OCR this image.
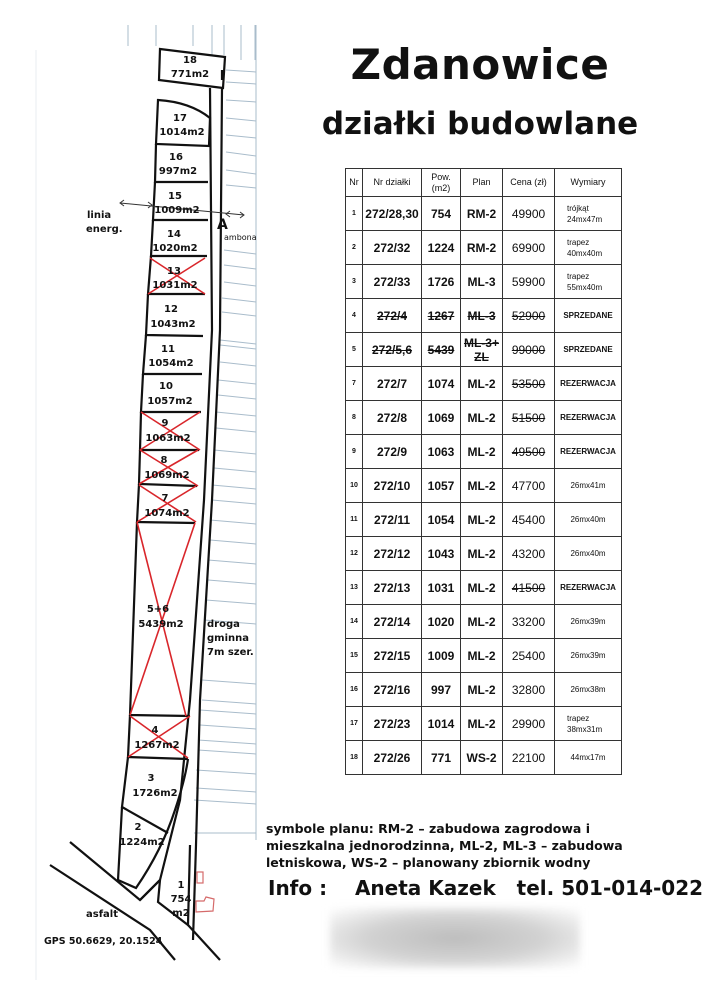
18
771m2
17
1014m2
16
997m2
15
1009m2
14
1020m2
13
1031m2
12
1043m2
11
1054m2
10
1057m2
9
1063m2
8
1069m2
7
1074m2
5+6
5439m2
4
1267m2
3
1726m2
2
1224m2
1
754
m2
linia
energ.	A
ambona
droga
gminna
7m szer.
asfalt
GPS 50.6629, 20.1524
Zdanowice
działki budowlane
Nr	Nr działki	Pow. (m2)	Plan	Cena (zł)	Wymiary
1	272/28,30	754	RM-2	49900	trójkąt
24mx47m
2	272/32	1224	RM-2	69900	trapez
40mx40m
3	272/33	1726	ML-3	59900	trapez
55mx40m
4	272/4	1267	ML-3	52900	SPRZEDANE
5	272/5,6	5439	ML-3+ ZL	99000	SPRZEDANE
7	272/7	1074	ML-2	53500	REZERWACJA
8	272/8	1069	ML-2	51500	REZERWACJA
9	272/9	1063	ML-2	49500	REZERWACJA
10	272/10	1057	ML-2	47700	26mx41m
11	272/11	1054	ML-2	45400	26mx40m
12	272/12	1043	ML-2	43200	26mx40m
13	272/13	1031	ML-2	41500	REZERWACJA
14	272/14	1020	ML-2	33200	26mx39m
15	272/15	1009	ML-2	25400	26mx39m
16	272/16	997	ML-2	32800	26mx38m
17	272/23	1014	ML-2	29900	trapez
38mx31m
18	272/26	771	WS-2	22100	44mx17m
symbole planu: RM-2 – zabudowa zagrodowa i mieszkalna jednorodzinna, ML-2, ML-3 – zabudowa letniskowa, WS-2 – planowany zbiornik wodny
Info : Aneta Kazek tel. 501-014-022
